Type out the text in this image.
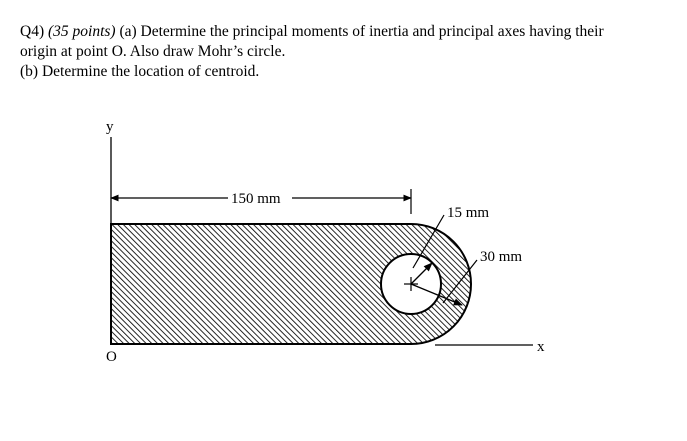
Q4) (35 points) (a) Determine the principal moments of inertia and principal axes having their
origin at point O. Also draw Mohr’s circle.
(b) Determine the location of centroid.
y
x
O
150 mm
15 mm
30 mm
